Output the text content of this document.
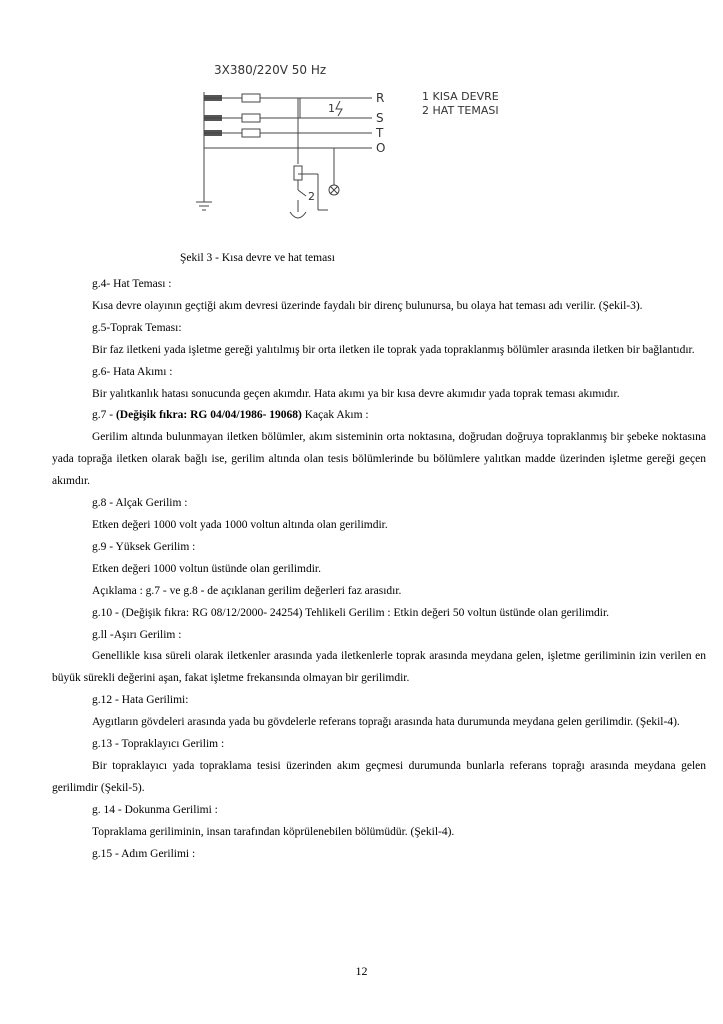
3X380/220V 50 Hz
1
2
R
S
T
O
1 KISA DEVRE
2 HAT TEMASI
Şekil 3 - Kısa devre ve hat teması

g.4- Hat Teması :

Kısa devre olayının geçtiği akım devresi üzerinde faydalı bir direnç bulunursa, bu olaya hat teması adı verilir. (Şekil-3).

g.5-Toprak Teması:

Bir faz iletkeni yada işletme gereği yalıtılmış bir orta iletken ile toprak yada topraklanmış bölümler arasında iletken bir bağlantıdır.

g.6- Hata Akımı :

Bir yalıtkanlık hatası sonucunda geçen akımdır. Hata akımı ya bir kısa devre akımıdır yada toprak teması akımıdır.

g.7 - (Değişik fıkra: RG 04/04/1986- 19068) Kaçak Akım :

Gerilim altında bulunmayan iletken bölümler, akım sisteminin orta noktasına, doğrudan doğruya topraklanmış bir şebeke noktasına yada toprağa iletken olarak bağlı ise, gerilim altında olan tesis bölümlerinde bu bölümlere yalıtkan madde üzerinden işletme gereği geçen akımdır.

g.8 - Alçak Gerilim :

Etken değeri 1000 volt yada 1000 voltun altında olan gerilimdir.

g.9 - Yüksek Gerilim :

Etken değeri 1000 voltun üstünde olan gerilimdir.

Açıklama : g.7 - ve g.8 - de açıklanan gerilim değerleri faz arasıdır.

g.10 - (Değişik fıkra: RG 08/12/2000- 24254) Tehlikeli Gerilim : Etkin değeri 50 voltun üstünde olan gerilimdir.

g.ll -Aşırı Gerilim :

Genellikle kısa süreli olarak iletkenler arasında yada iletkenlerle toprak arasında meydana gelen, işletme geriliminin izin verilen en büyük sürekli değerini aşan, fakat işletme frekansında olmayan bir gerilimdir.

g.12 - Hata Gerilimi:

Aygıtların gövdeleri arasında yada bu gövdelerle referans toprağı arasında hata durumunda meydana gelen gerilimdir. (Şekil-4).

g.13 - Topraklayıcı Gerilim :

Bir topraklayıcı yada topraklama tesisi üzerinden akım geçmesi durumunda bunlarla referans toprağı arasında meydana gelen gerilimdir (Şekil-5).

g. 14 - Dokunma Gerilimi :

Topraklama geriliminin, insan tarafından köprülenebilen bölümüdür. (Şekil-4).

g.15 - Adım Gerilimi :

12
